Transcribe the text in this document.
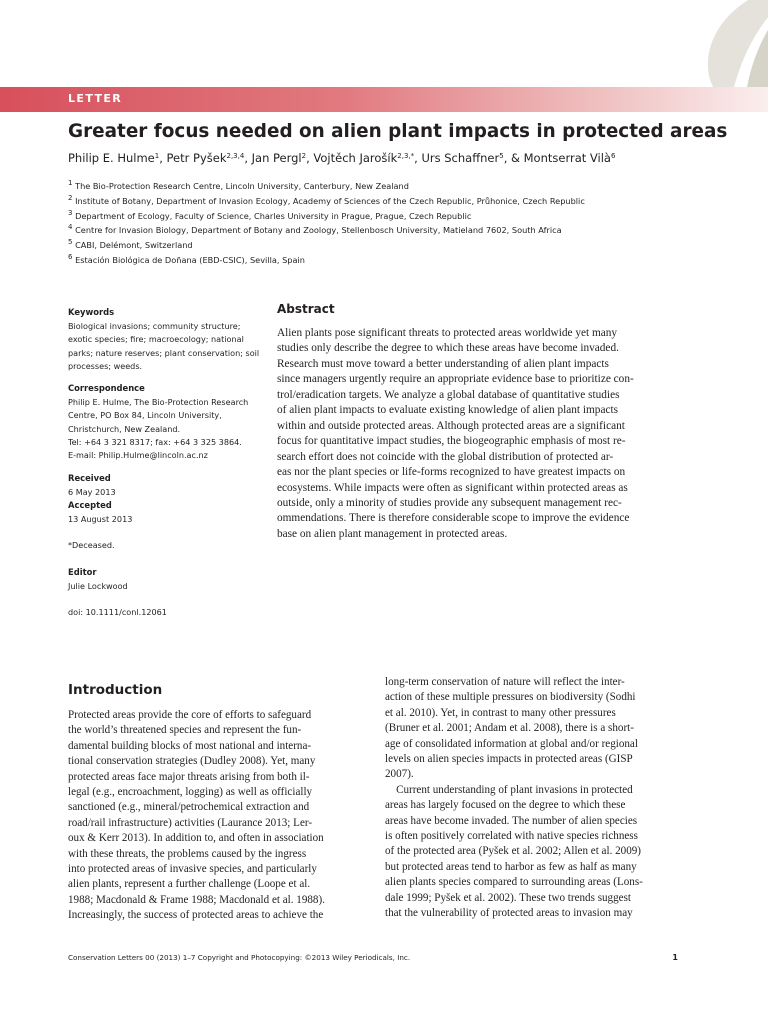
LETTER
Greater focus needed on alien plant impacts in protected areas
Philip E. Hulme$^1$, Petr Pyšek$^{2,3,4}$, Jan Pergl$^2$, Vojtěch Jarošík$^{2,3,*}$, Urs Schaffner$^5$, & Montserrat Vilà$^6$
$^1$ The Bio-Protection Research Centre, Lincoln University, Canterbury, New Zealand
$^2$ Institute of Botany, Department of Invasion Ecology, Academy of Sciences of the Czech Republic, Průhonice, Czech Republic
$^3$ Department of Ecology, Faculty of Science, Charles University in Prague, Prague, Czech Republic
$^4$ Centre for Invasion Biology, Department of Botany and Zoology, Stellenbosch University, Matieland 7602, South Africa
$^5$ CABI, Delémont, Switzerland
$^6$ Estación Biológica de Doñana (EBD-CSIC), Sevilla, Spain
Keywords
Biological invasions; community structure;
exotic species; fire; macroecology; national
parks; nature reserves; plant conservation; soil
processes; weeds.
Correspondence
Philip E. Hulme, The Bio-Protection Research
Centre, PO Box 84, Lincoln University,
Christchurch, New Zealand.
Tel: +64 3 321 8317; fax: +64 3 325 3864.
E-mail: Philip.Hulme@lincoln.ac.nz
Received
6 May 2013
Accepted
13 August 2013
*Deceased.
Editor
Julie Lockwood
doi: 10.1111/conl.12061
Abstract

Alien plants pose significant threats to protected areas worldwide yet many

studies only describe the degree to which these areas have become invaded.

Research must move toward a better understanding of alien plant impacts

since managers urgently require an appropriate evidence base to prioritize con-

trol/eradication targets. We analyze a global database of quantitative studies

of alien plant impacts to evaluate existing knowledge of alien plant impacts

within and outside protected areas. Although protected areas are a significant

focus for quantitative impact studies, the biogeographic emphasis of most re-

search effort does not coincide with the global distribution of protected ar-

eas nor the plant species or life-forms recognized to have greatest impacts on

ecosystems. While impacts were often as significant within protected areas as

outside, only a minority of studies provide any subsequent management rec-

ommendations. There is therefore considerable scope to improve the evidence

base on alien plant management in protected areas.

Introduction

Protected areas provide the core of efforts to safeguard

the world’s threatened species and represent the fun-

damental building blocks of most national and interna-

tional conservation strategies (Dudley 2008). Yet, many

protected areas face major threats arising from both il-

legal (e.g., encroachment, logging) as well as officially

sanctioned (e.g., mineral/petrochemical extraction and

road/rail infrastructure) activities (Laurance 2013; Ler-

oux & Kerr 2013). In addition to, and often in association

with these threats, the problems caused by the ingress

into protected areas of invasive species, and particularly

alien plants, represent a further challenge (Loope et al.

1988; Macdonald & Frame 1988; Macdonald et al. 1988).

Increasingly, the success of protected areas to achieve the

long-term conservation of nature will reflect the inter-

action of these multiple pressures on biodiversity (Sodhi

et al. 2010). Yet, in contrast to many other pressures

(Bruner et al. 2001; Andam et al. 2008), there is a short-

age of consolidated information at global and/or regional

levels on alien species impacts in protected areas (GISP

2007).

Current understanding of plant invasions in protected

areas has largely focused on the degree to which these

areas have become invaded. The number of alien species

is often positively correlated with native species richness

of the protected area (Pyšek et al. 2002; Allen et al. 2009)

but protected areas tend to harbor as few as half as many

alien plants species compared to surrounding areas (Lons-

dale 1999; Pyšek et al. 2002). These two trends suggest

that the vulnerability of protected areas to invasion may

Conservation Letters 00 (2013) 1–7 Copyright and Photocopying: ©2013 Wiley Periodicals, Inc.	1
